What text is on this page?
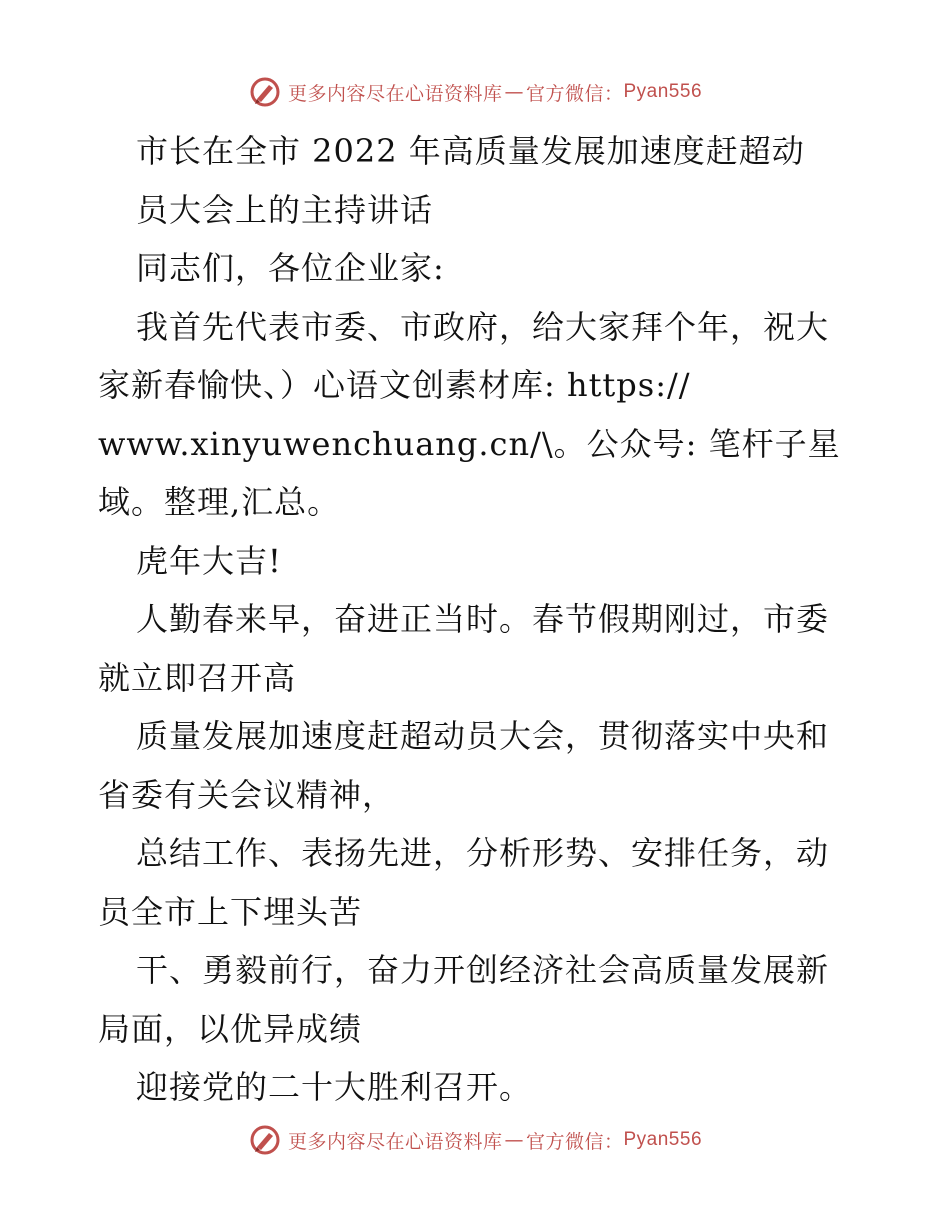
更多内容尽在心语资料库 — 官方微信： Pyan556
市长在全市 2022 年高质量发展加速度赶超动
员大会上的主持讲话
同志们，各位企业家:
我首先代表市委、市政府，给大家拜个年，祝大
家新春愉快、）心语文创素材库: https://
www.xinyuwenchuang.cn/\。公众号: 笔杆子星
域。整理,汇总。
虎年大吉!
人勤春来早，奋进正当时。春节假期刚过，市委
就立即召开高
质量发展加速度赶超动员大会，贯彻落实中央和
省委有关会议精神，
总结工作、表扬先进，分析形势、安排任务，动
员全市上下埋头苦
干、勇毅前行，奋力开创经济社会高质量发展新
局面，以优异成绩
迎接党的二十大胜利召开。
更多内容尽在心语资料库 — 官方微信： Pyan556
